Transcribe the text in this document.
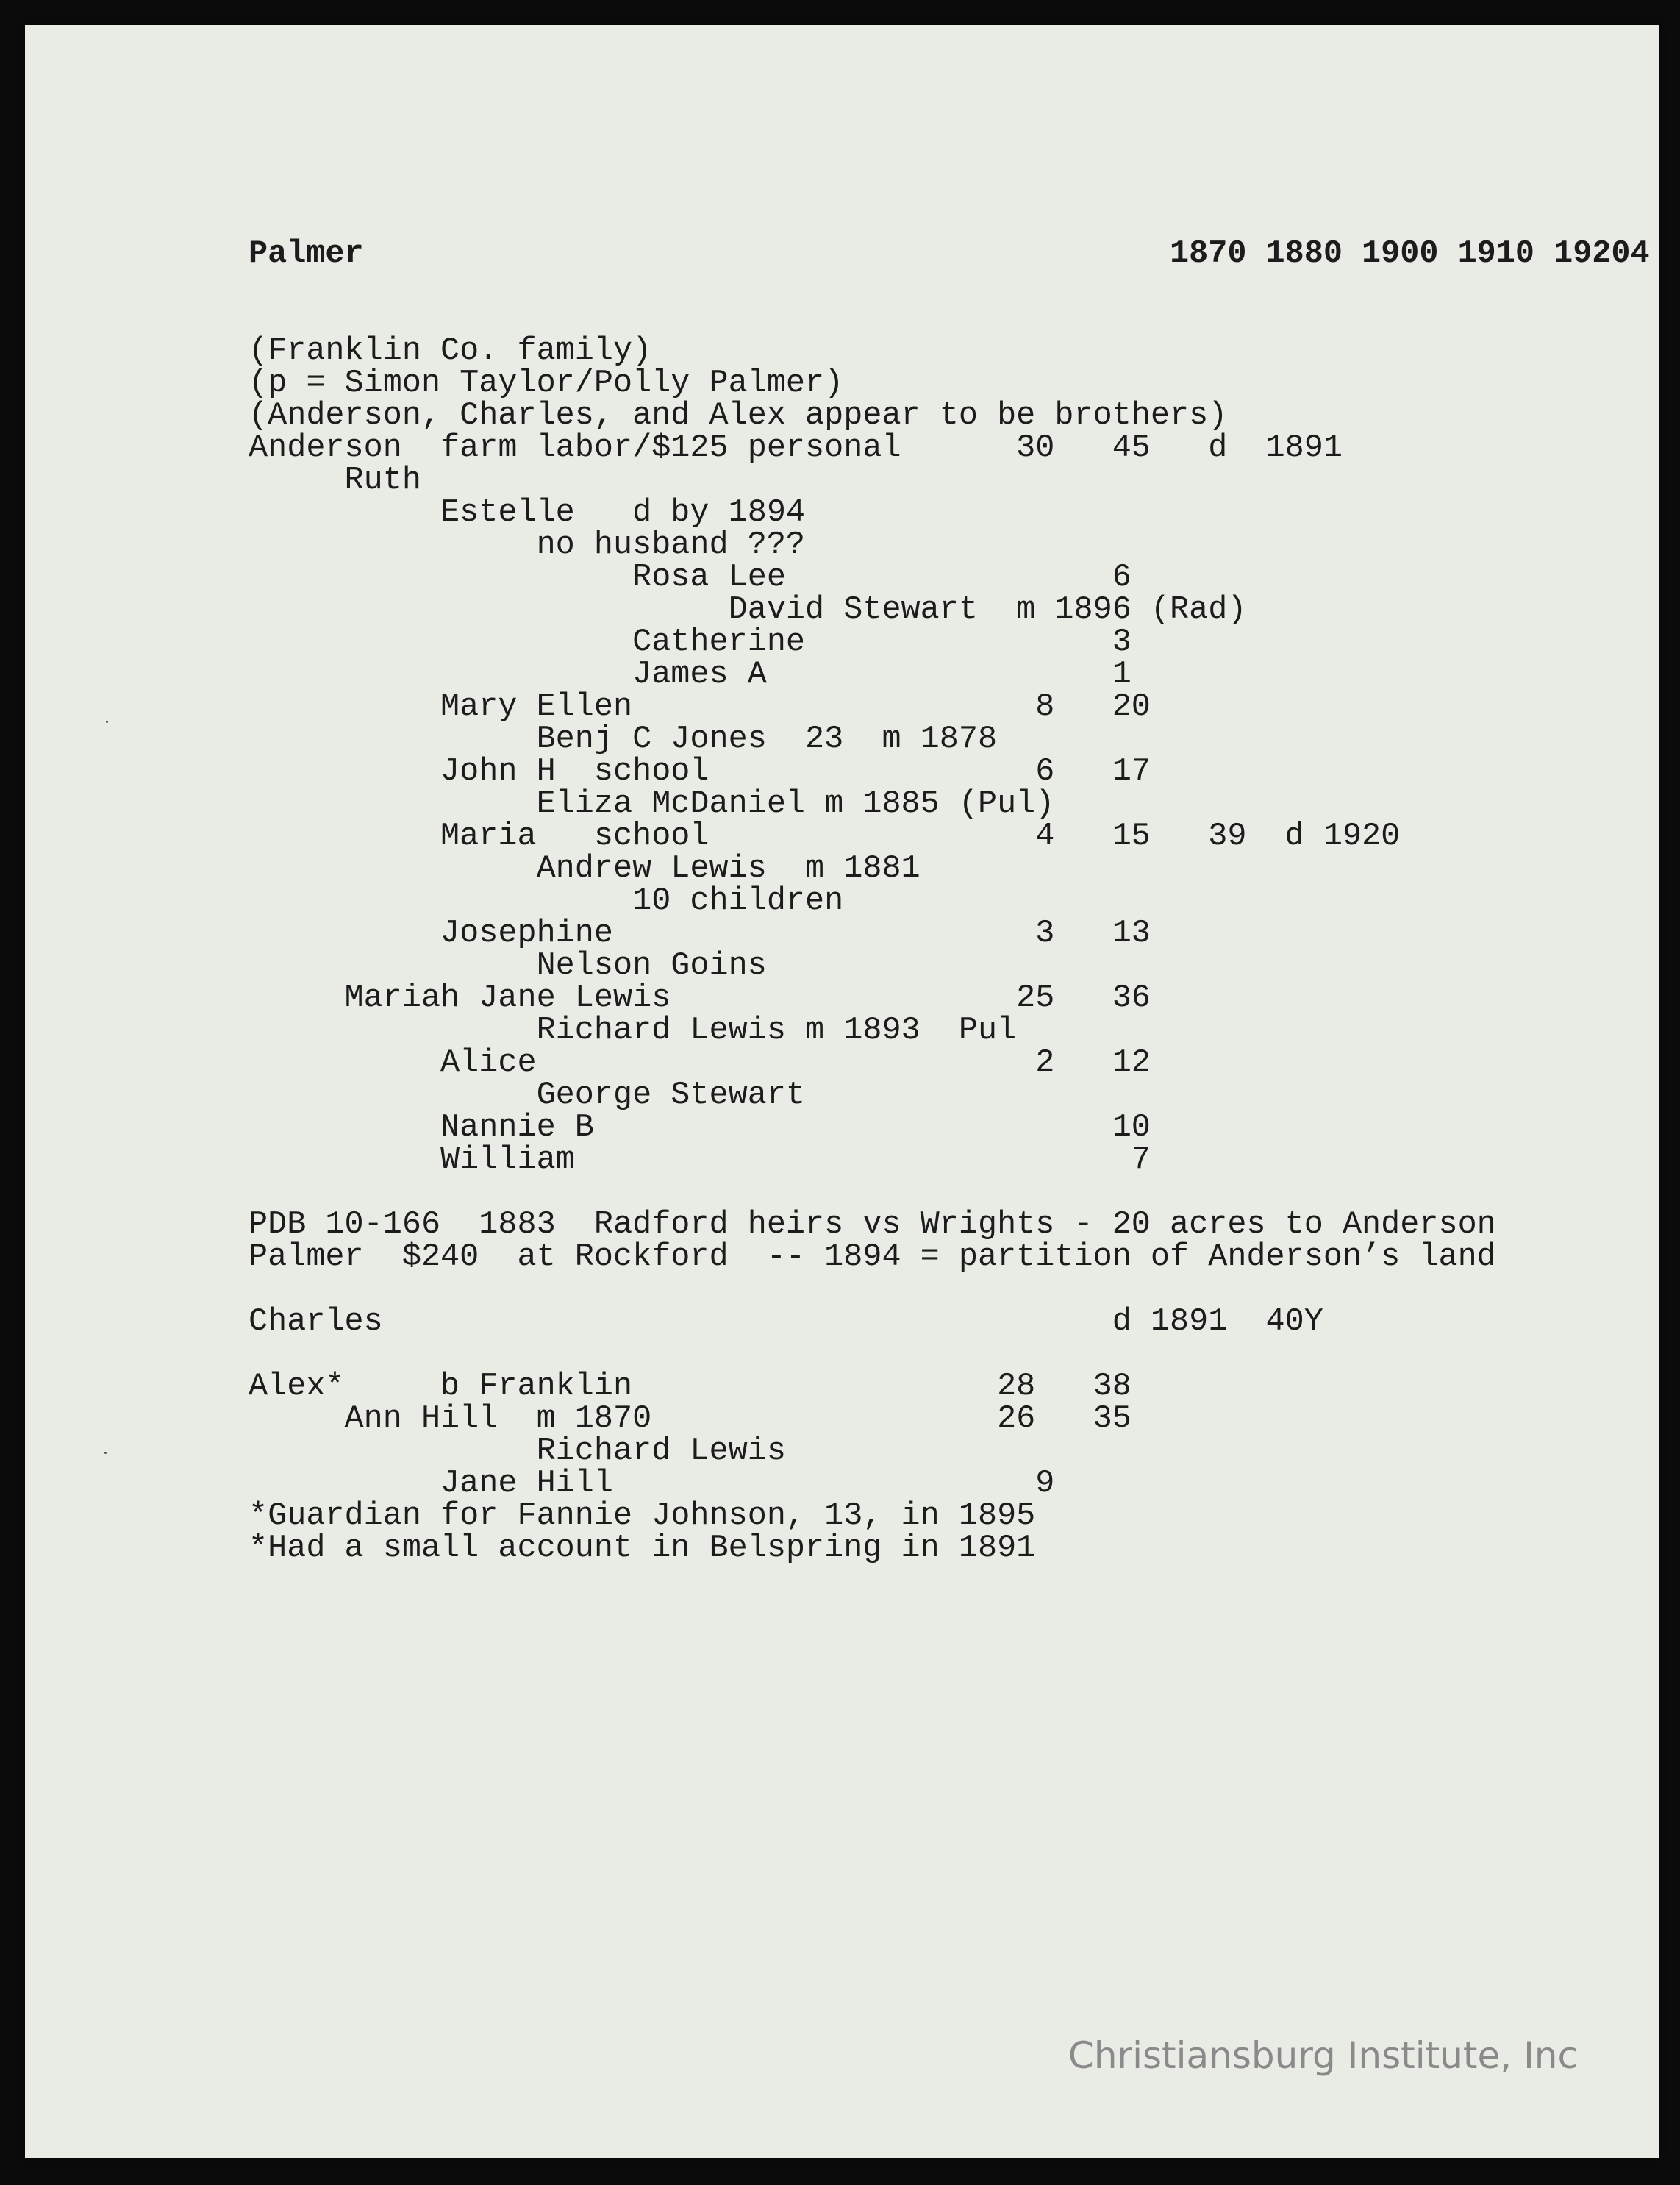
Palmer                                          1870 1880 1900 1910 19204
(Franklin Co. family)
(p = Simon Taylor/Polly Palmer)
(Anderson, Charles, and Alex appear to be brothers)
Anderson  farm labor/$125 personal      30   45   d  1891
Ruth
Estelle   d by 1894
no husband ???
Rosa Lee                 6
David Stewart  m 1896 (Rad)
Catherine                3
James A                  1
Mary Ellen                     8   20
Benj C Jones  23  m 1878
John H  school                 6   17
Eliza McDaniel m 1885 (Pul)
Maria   school                 4   15   39  d 1920
Andrew Lewis  m 1881
10 children
Josephine                      3   13
Nelson Goins
Mariah Jane Lewis                  25   36
Richard Lewis m 1893  Pul
Alice                          2   12
George Stewart
Nannie B                           10
William                             7
PDB 10-166  1883  Radford heirs vs Wrights - 20 acres to Anderson
Palmer  $240  at Rockford  -- 1894 = partition of Anderson’s land
Charles                                      d 1891  40Y
Alex*     b Franklin                   28   38
Ann Hill  m 1870                  26   35
Richard Lewis
Jane Hill                      9
*Guardian for Fannie Johnson, 13, in 1895
*Had a small account in Belspring in 1891
Christiansburg Institute, Inc
